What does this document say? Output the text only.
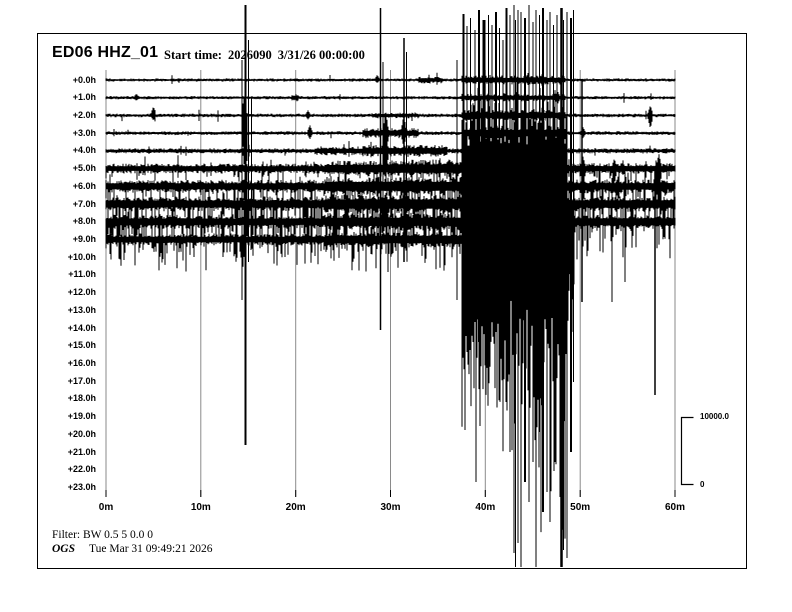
ED06 HHZ_01 Start time: 2026090 3/31/26 00:00:00
+0.0h
+1.0h
+2.0h
+3.0h
+4.0h
+5.0h
+6.0h
+7.0h
+8.0h
+9.0h
+10.0h
+11.0h
+12.0h
+13.0h
+14.0h
+15.0h
+16.0h
+17.0h
+18.0h
+19.0h
+20.0h
+21.0h
+22.0h
+23.0h
0m	10m	20m	30m	40m	50m	60m
10000.0
0
Filter: BW 0.5 5 0.0 0
OGS Tue Mar 31 09:49:21 2026
